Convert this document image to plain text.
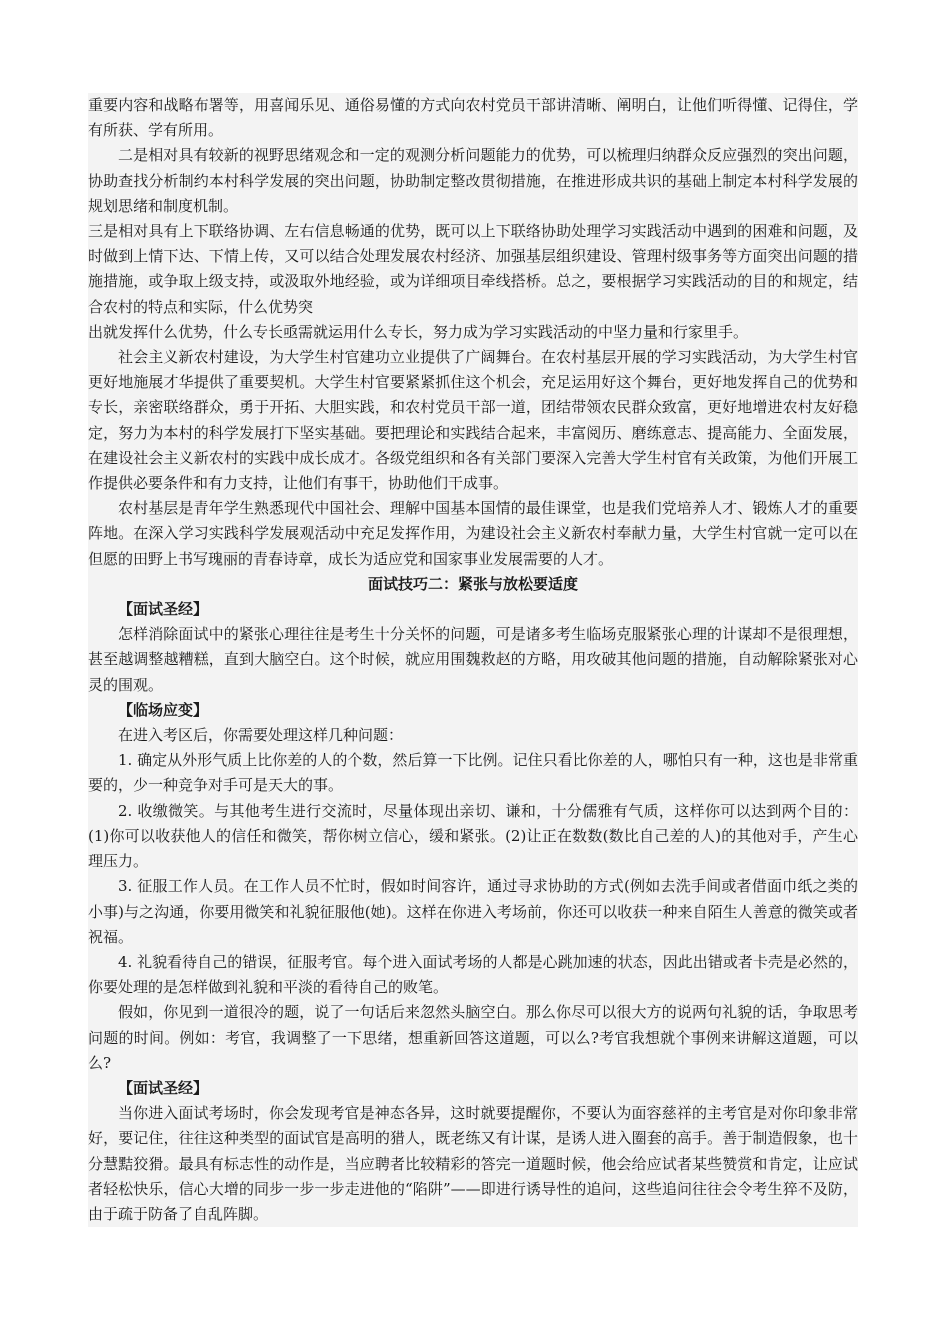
重要内容和战略布署等，用喜闻乐见、通俗易懂的方式向农村党员干部讲清晰、阐明白，让他们听得懂、记得住，学有所获、学有所用。

二是相对具有较新的视野思绪观念和一定的观测分析问题能力的优势，可以梳理归纳群众反应强烈的突出问题，协助查找分析制约本村科学发展的突出问题，协助制定整改贯彻措施，在推进形成共识的基础上制定本村科学发展的规划思绪和制度机制。

三是相对具有上下联络协调、左右信息畅通的优势，既可以上下联络协助处理学习实践活动中遇到的困难和问题，及时做到上情下达、下情上传，又可以结合处理发展农村经济、加强基层组织建设、管理村级事务等方面突出问题的措施措施，或争取上级支持，或汲取外地经验，或为详细项目牵线搭桥。总之，要根据学习实践活动的目的和规定，结合农村的特点和实际，什么优势突

出就发挥什么优势，什么专长亟需就运用什么专长，努力成为学习实践活动的中坚力量和行家里手。

社会主义新农村建设，为大学生村官建功立业提供了广阔舞台。在农村基层开展的学习实践活动，为大学生村官更好地施展才华提供了重要契机。大学生村官要紧紧抓住这个机会，充足运用好这个舞台，更好地发挥自己的优势和专长，亲密联络群众，勇于开拓、大胆实践，和农村党员干部一道，团结带领农民群众致富，更好地增进农村友好稳定，努力为本村的科学发展打下坚实基础。要把理论和实践结合起来，丰富阅历、磨练意志、提高能力、全面发展，在建设社会主义新农村的实践中成长成才。各级党组织和各有关部门要深入完善大学生村官有关政策，为他们开展工作提供必要条件和有力支持，让他们有事干，协助他们干成事。

农村基层是青年学生熟悉现代中国社会、理解中国基本国情的最佳课堂，也是我们党培养人才、锻炼人才的重要阵地。在深入学习实践科学发展观活动中充足发挥作用，为建设社会主义新农村奉献力量，大学生村官就一定可以在但愿的田野上书写瑰丽的青春诗章，成长为适应党和国家事业发展需要的人才。

面试技巧二：紧张与放松要适度

【面试圣经】

怎样消除面试中的紧张心理往往是考生十分关怀的问题，可是诸多考生临场克服紧张心理的计谋却不是很理想，甚至越调整越糟糕，直到大脑空白。这个时候，就应用围魏救赵的方略，用攻破其他问题的措施，自动解除紧张对心灵的围观。

【临场应变】

在进入考区后，你需要处理这样几种问题：

1. 确定从外形气质上比你差的人的个数，然后算一下比例。记住只看比你差的人，哪怕只有一种，这也是非常重要的，少一种竞争对手可是天大的事。

2. 收缴微笑。与其他考生进行交流时，尽量体现出亲切、谦和，十分儒雅有气质，这样你可以达到两个目的：(1)你可以收获他人的信任和微笑，帮你树立信心，缓和紧张。(2)让正在数数(数比自己差的人)的其他对手，产生心理压力。

3. 征服工作人员。在工作人员不忙时，假如时间容许，通过寻求协助的方式(例如去洗手间或者借面巾纸之类的小事)与之沟通，你要用微笑和礼貌征服他(她)。这样在你进入考场前，你还可以收获一种来自陌生人善意的微笑或者祝福。

4. 礼貌看待自己的错误，征服考官。每个进入面试考场的人都是心跳加速的状态，因此出错或者卡壳是必然的，你要处理的是怎样做到礼貌和平淡的看待自己的败笔。

假如，你见到一道很冷的题，说了一句话后来忽然头脑空白。那么你尽可以很大方的说两句礼貌的话，争取思考问题的时间。例如：考官，我调整了一下思绪，想重新回答这道题，可以么?考官我想就个事例来讲解这道题，可以么?

【面试圣经】

当你进入面试考场时，你会发现考官是神态各异，这时就要提醒你，不要认为面容慈祥的主考官是对你印象非常好，要记住，往往这种类型的面试官是高明的猎人，既老练又有计谋，是诱人进入圈套的高手。善于制造假象，也十分慧黠狡猾。最具有标志性的动作是，当应聘者比较精彩的答完一道题时候，他会给应试者某些赞赏和肯定，让应试者轻松快乐，信心大增的同步一步一步走进他的“陷阱”——即进行诱导性的追问，这些追问往往会令考生猝不及防，由于疏于防备了自乱阵脚。
